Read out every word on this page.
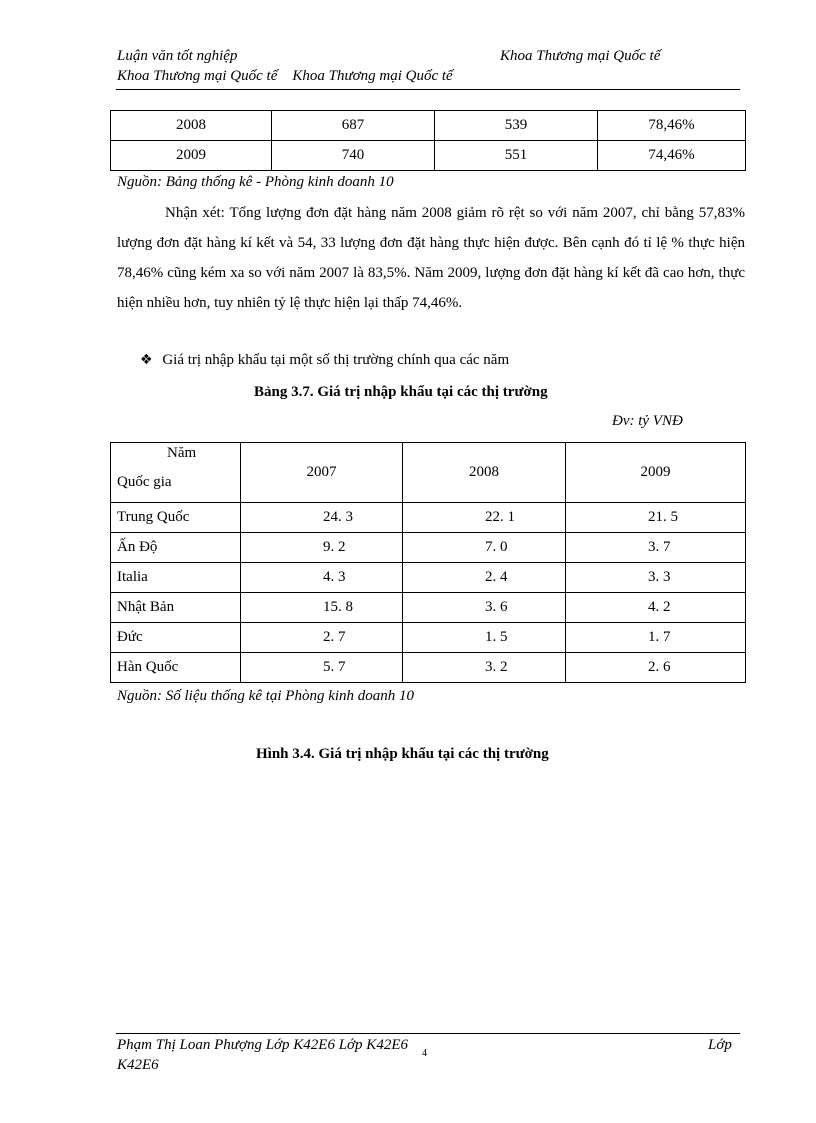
Luận văn tốt nghiệp	Khoa Thương mại Quốc tế
Khoa Thương mại Quốc tế    Khoa Thương mại Quốc tế
2008	687	539	78,46%
2009	740	551	74,46%
Nguồn: Bảng thống kê - Phòng kinh doanh 10
Nhận xét: Tổng lượng đơn đặt hàng năm 2008 giảm rõ rệt so với năm 2007, chỉ bằng 57,83% lượng đơn đặt hàng kí kết và 54, 33 lượng đơn đặt hàng thực hiện được. Bên cạnh đó tỉ lệ % thực hiện 78,46% cũng kém xa so với năm 2007 là 83,5%. Năm 2009, lượng đơn đặt hàng kí kết đã cao hơn, thực hiện nhiều hơn, tuy nhiên tỷ lệ thực hiện lại thấp 74,46%.
❖ Giá trị nhập khẩu tại một số thị trường chính qua các năm
Bảng 3.7. Giá trị nhập khẩu tại các thị trường
Đv: tỷ VNĐ
Năm
Quốc gia	2007	2008	2009
Trung Quốc	24. 3	22. 1	21. 5
Ấn Độ	9. 2	7. 0	3. 7
Italia	4. 3	2. 4	3. 3
Nhật Bản	15. 8	3. 6	4. 2
Đức	2. 7	1. 5	1. 7
Hàn Quốc	5. 7	3. 2	2. 6
Nguồn: Số liệu thống kê tại Phòng kinh doanh 10
Hình 3.4. Giá trị nhập khẩu tại các thị trường
Phạm Thị Loan Phượng Lớp K42E6 Lớp K42E6
4
Lớp
K42E6
